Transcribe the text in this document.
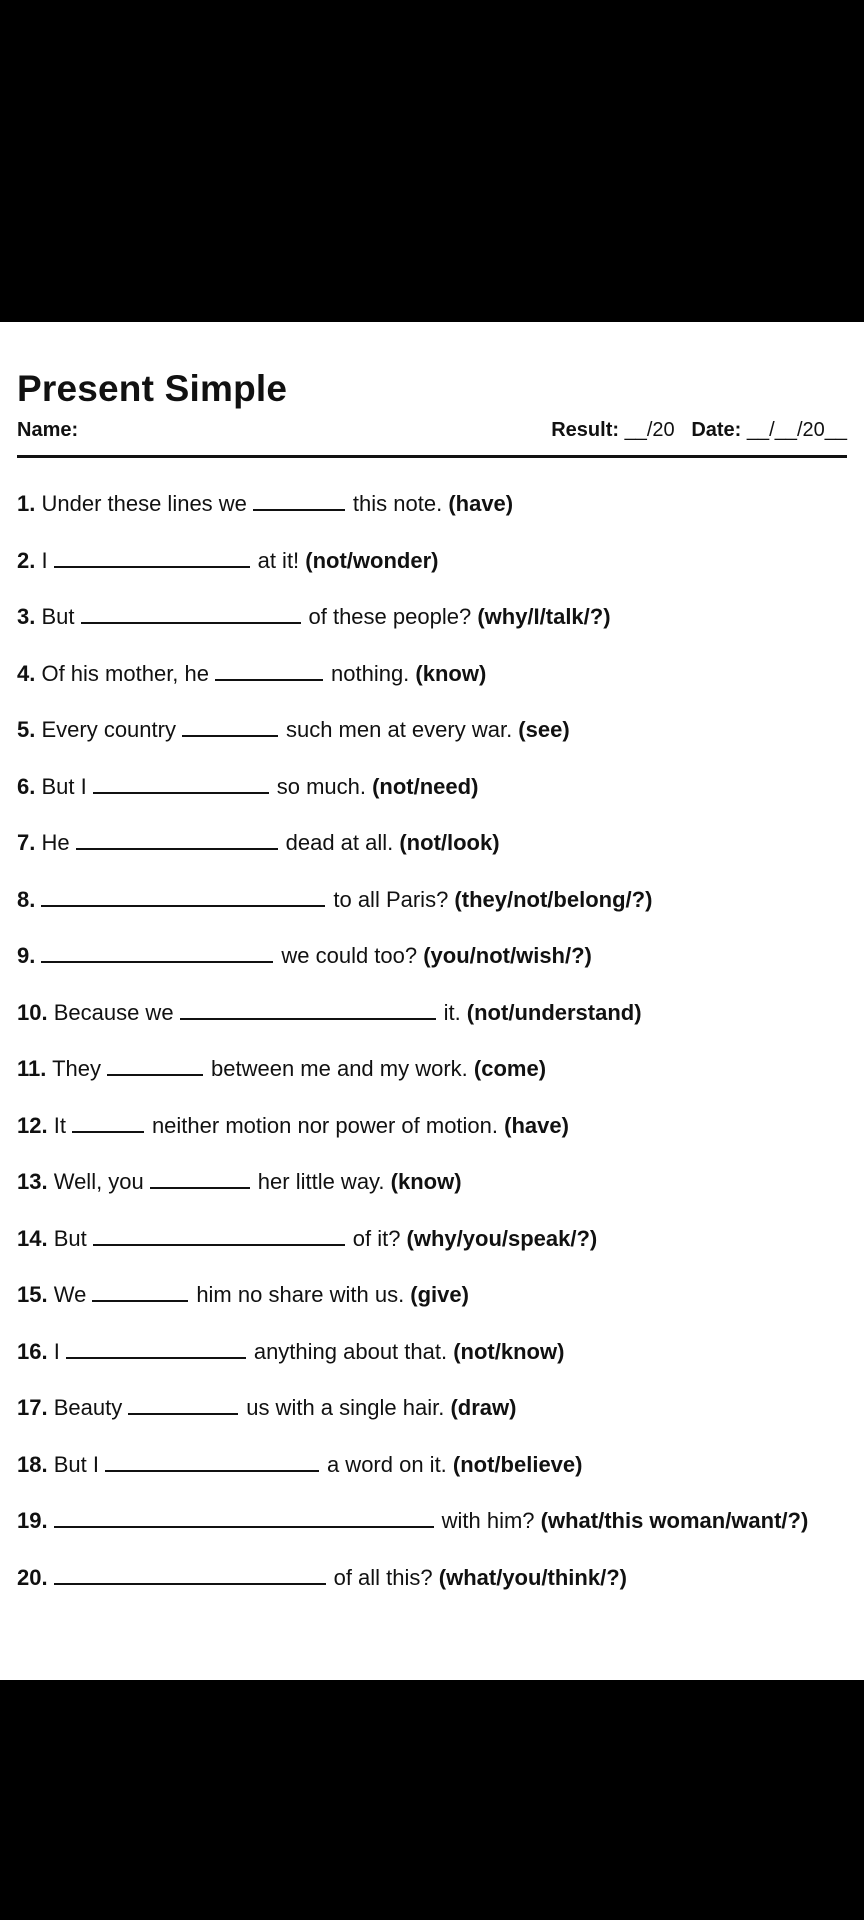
Present Simple
Name:	Result: __/20 Date: __/__/20__
1. Under these lines we	this note. (have)
2. I	at it! (not/wonder)
3. But	of these people? (why/I/talk/?)
4. Of his mother, he	nothing. (know)
5. Every country	such men at every war. (see)
6. But I	so much. (not/need)
7. He	dead at all. (not/look)
8.	to all Paris? (they/not/belong/?)
9.	we could too? (you/not/wish/?)
10. Because we	it. (not/understand)
11. They	between me and my work. (come)
12. It	neither motion nor power of motion. (have)
13. Well, you	her little way. (know)
14. But	of it? (why/you/speak/?)
15. We	him no share with us. (give)
16. I	anything about that. (not/know)
17. Beauty	us with a single hair. (draw)
18. But I	a word on it. (not/believe)
19.	with him? (what/this woman/want/?)
20.	of all this? (what/you/think/?)
